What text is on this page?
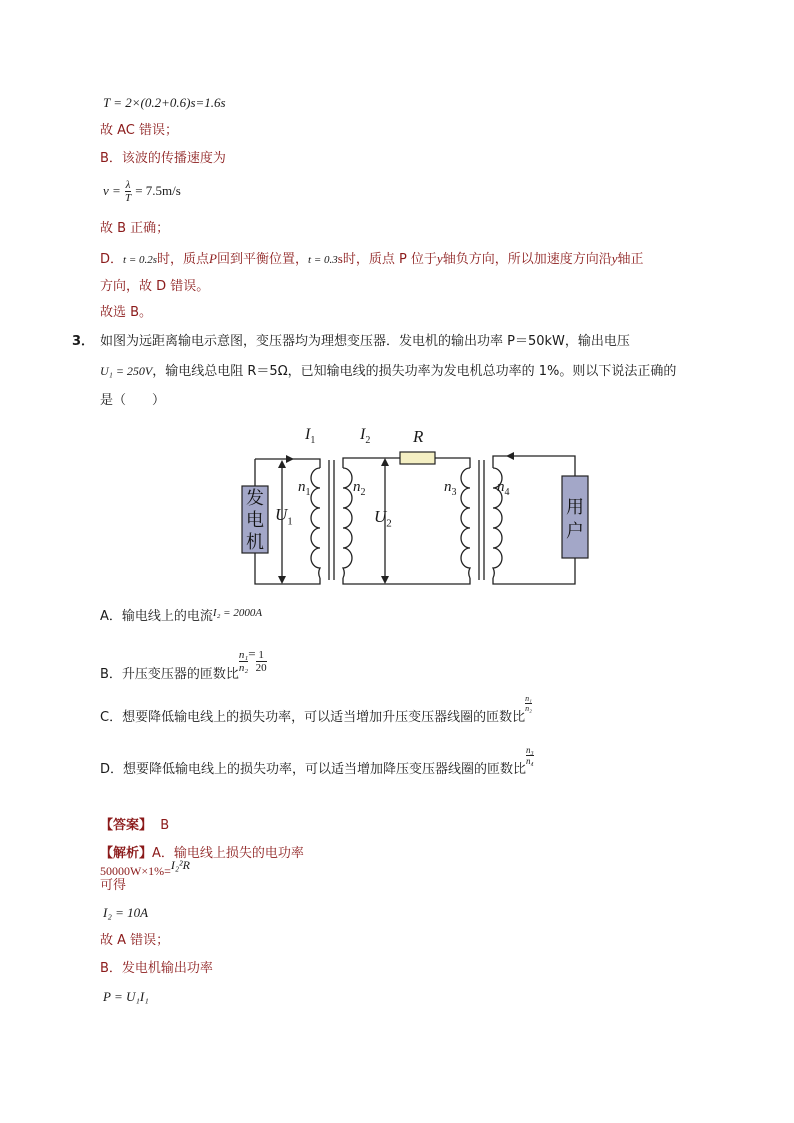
T = 2×(0.2+0.6)s=1.6s
故 AC 错误；
B．该波的传播速度为
$v = \frac{\lambda}{T} = 7.5m/s$
故 B 正确；
D．t = 0.2s时，质点P回到平衡位置，t = 0.3s时，质点 P 位于y轴负方向，所以加速度方向沿y轴正
方向，故 D 错误。
故选 B。
3． 如图为远距离输电示意图，变压器均为理想变压器．发电机的输出功率 P＝50kW，输出电压
U₁ = 250V，输电线总电阻 R＝5Ω，已知输电线的损失功率为发电机总功率的 1%。则以下说法正确的
是（　　）
$I_1$	$I_2$	R
$n_1$	$n_2$	$n_3$	$n_4$
$U_1$	$U_2$
发
电
机
用
户
A．输电线上的电流$^{I_2 = 2000A}$
B．升压变压器的匝数比
$\frac{\text{n₁}}{\text{n₂}} = \frac{1}{20}$
C．想要降低输电线上的损失功率，可以适当增加升压变压器线圈的匝数比
$\frac{\text{n₁}}{\text{n₂}}$
D．想要降低输电线上的损失功率，可以适当增加降压变压器线圈的匝数比
$\frac{\text{n₃}}{\text{n₄}}$
【答案】 B
【解析】A．输电线上损失的电功率
50000W×1%=I₂²R
可得
I₂ = 10A
故 A 错误；
B．发电机输出功率
P = U₁I₁
